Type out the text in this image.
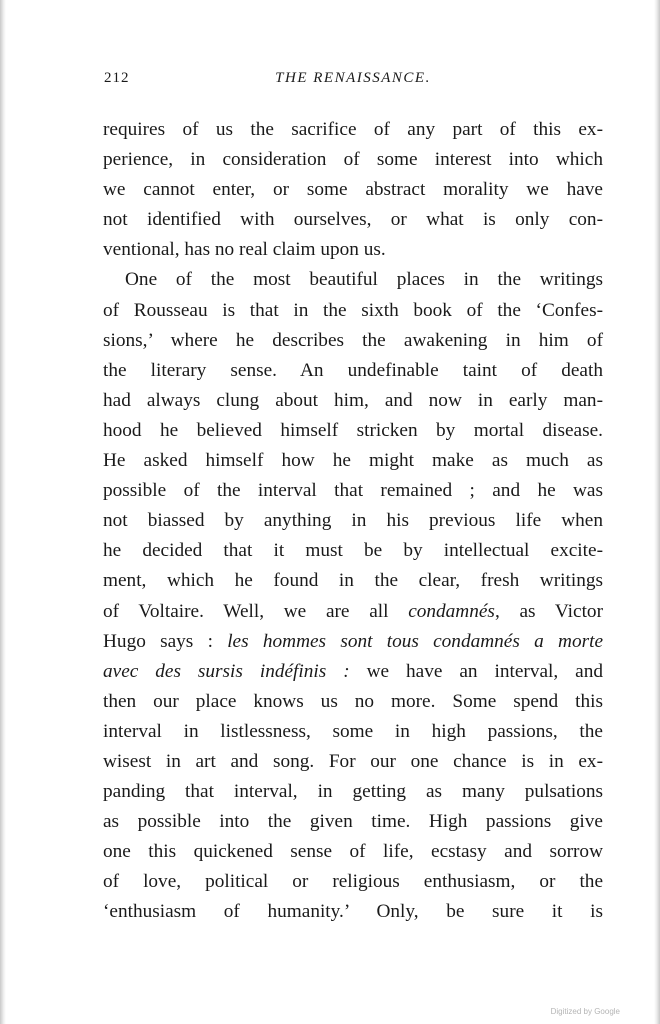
212	THE RENAISSANCE.
requires of us the sacrifice of any part of this ex-
perience, in consideration of some interest into which
we cannot enter, or some abstract morality we have
not identified with ourselves, or what is only con-
ventional, has no real claim upon us.
One of the most beautiful places in the writings
of Rousseau is that in the sixth book of the ‘Confes-
sions,’ where he describes the awakening in him of
the literary sense. An undefinable taint of death
had always clung about him, and now in early man-
hood he believed himself stricken by mortal disease.
He asked himself how he might make as much as
possible of the interval that remained ; and he was
not biassed by anything in his previous life when
he decided that it must be by intellectual excite-
ment, which he found in the clear, fresh writings
of Voltaire. Well, we are all condamnés, as Victor
Hugo says : les hommes sont tous condamnés a morte
avec des sursis indéfinis : we have an interval, and
then our place knows us no more. Some spend this
interval in listlessness, some in high passions, the
wisest in art and song. For our one chance is in ex-
panding that interval, in getting as many pulsations
as possible into the given time. High passions give
one this quickened sense of life, ecstasy and sorrow
of love, political or religious enthusiasm, or the
‘enthusiasm of humanity.’ Only, be sure it is
Digitized by Google
